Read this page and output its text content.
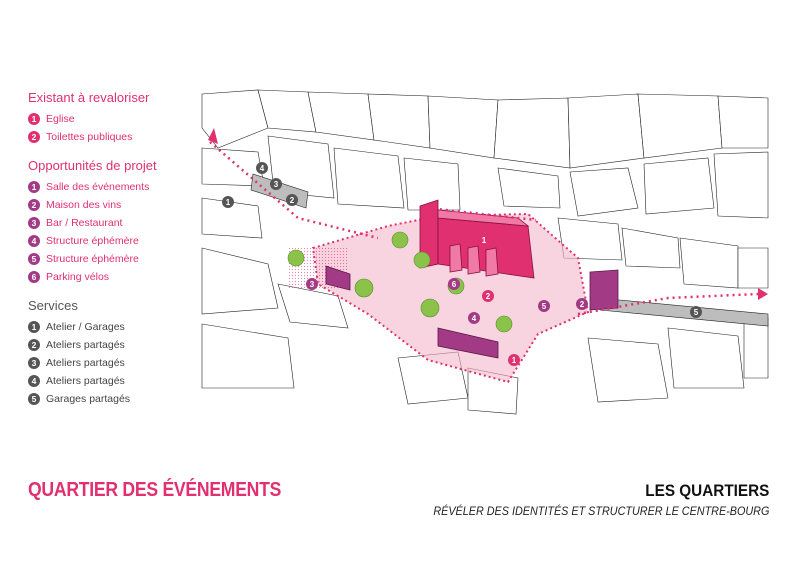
Existant à revaloriser
1 Eglise
2 Toilettes publiques
Opportunités de projet
1 Salle des événements
2 Maison des vins
3 Bar / Restaurant
4 Structure éphémère
5 Structure éphémère
6 Parking vélos
Services
1 Atelier / Garages
2 Ateliers partagés
3 Ateliers partagés
4 Ateliers partagés
5 Garages partagés
4
3
2
1
5
1
2
1
3	6
4
5	2
QUARTIER DES ÉVÉNEMENTS	LES QUARTIERS
RÉVÉLER DES IDENTITÉS ET STRUCTURER LE CENTRE-BOURG
